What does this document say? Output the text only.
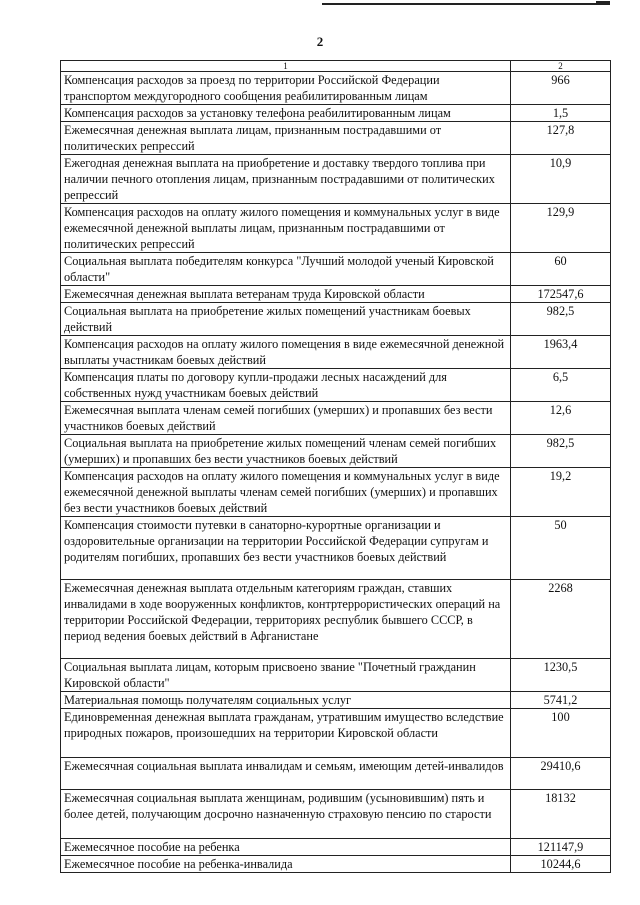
2
1	2
Компенсация расходов за проезд по территории Российской Федерации транспортом междугородного сообщения реабилитированным лицам	966
Компенсация расходов за установку телефона реабилитированным лицам	1,5
Ежемесячная денежная выплата лицам, признанным пострадавшими от политических репрессий	127,8
Ежегодная денежная выплата на приобретение и доставку твердого топлива при наличии печного отопления лицам, признанным пострадавшими от политических репрессий	10,9
Компенсация расходов на оплату жилого помещения и коммунальных услуг в виде ежемесячной денежной выплаты лицам, признанным пострадавшими от политических репрессий	129,9
Социальная выплата победителям конкурса "Лучший молодой ученый Кировской области"	60
Ежемесячная денежная выплата ветеранам труда Кировской области	172547,6
Социальная выплата на приобретение жилых помещений участникам боевых действий	982,5
Компенсация расходов на оплату жилого помещения в виде ежемесячной денежной выплаты участникам боевых действий	1963,4
Компенсация платы по договору купли-продажи лесных насаждений для собственных нужд участникам боевых действий	6,5
Ежемесячная выплата членам семей погибших (умерших) и пропавших без вести участников боевых действий	12,6
Социальная выплата на приобретение жилых помещений членам семей погибших (умерших) и пропавших без вести участников боевых действий	982,5
Компенсация расходов на оплату жилого помещения и коммунальных услуг в виде ежемесячной денежной выплаты членам семей погибших (умерших) и пропавших без вести участников боевых действий	19,2
Компенсация стоимости путевки в санаторно-курортные организации и оздоровительные организации на территории Российской Федерации супругам и родителям погибших, пропавших без вести участников боевых действий	50
Ежемесячная денежная выплата отдельным категориям граждан, ставших инвалидами в ходе вооруженных конфликтов, контртеррористических операций на территории Российской Федерации, территориях республик бывшего СССР, в период ведения боевых действий в Афганистане	2268
Социальная выплата лицам, которым присвоено звание "Почетный гражданин Кировской области"	1230,5
Материальная помощь получателям социальных услуг	5741,2
Единовременная денежная выплата гражданам, утратившим имущество вследствие природных пожаров, произошедших на территории Кировской области	100
Ежемесячная социальная выплата инвалидам и семьям, имеющим детей-инвалидов	29410,6
Ежемесячная социальная выплата женщинам, родившим (усыновившим) пять и более детей, получающим досрочно назначенную страховую пенсию по старости	18132
Ежемесячное пособие на ребенка	121147,9
Ежемесячное пособие на ребенка-инвалида	10244,6
